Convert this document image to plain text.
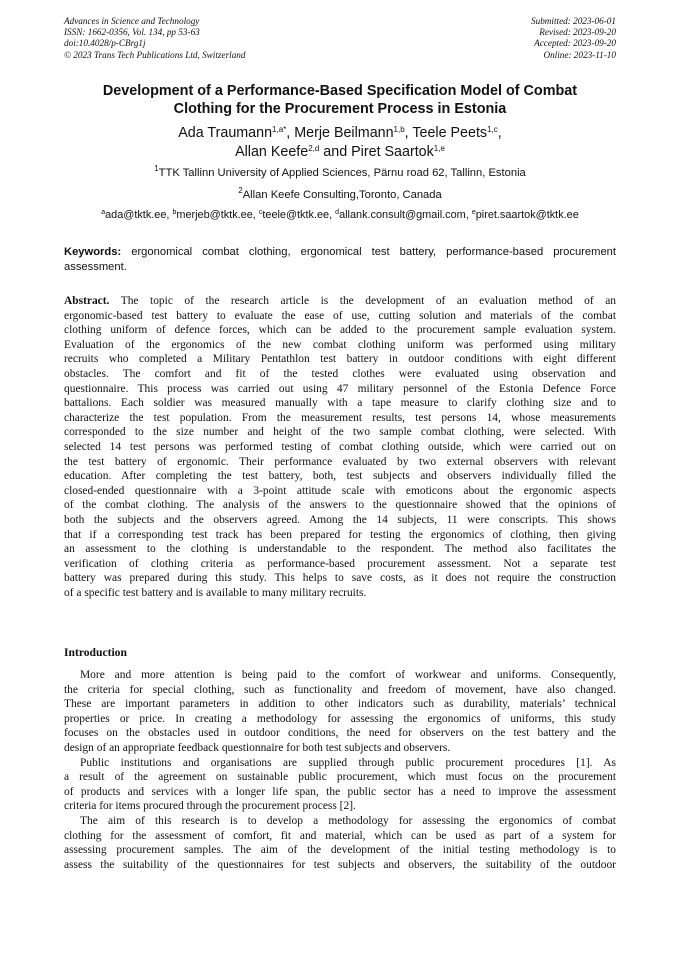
Advances in Science and Technology
ISSN: 1662-0356, Vol. 134, pp 53-63
doi:10.4028/p-CBrg1j
© 2023 Trans Tech Publications Ltd, Switzerland
Submitted: 2023-06-01
Revised: 2023-09-20
Accepted: 2023-09-20
Online: 2023-11-10
Development of a Performance-Based Specification Model of Combat
Clothing for the Procurement Process in Estonia
Ada Traumann$^{1,a*}$, Merje Beilmann$^{1,b}$, Teele Peets$^{1,c}$,
Allan Keefe$^{2,d}$ and Piret Saartok$^{1,e}$
$^1$TTK Tallinn University of Applied Sciences, Pärnu road 62, Tallinn, Estonia
$^2$Allan Keefe Consulting,Toronto, Canada
$^a$ada@tktk.ee, $^b$merjeb@tktk.ee, $^c$teele@tktk.ee, $^d$allank.consult@gmail.com, $^e$piret.saartok@tktk.ee
Keywords: ergonomical combat clothing, ergonomical test battery, performance-based procurement assessment.
Abstract. The topic of the research article is the development of an evaluation method of an
ergonomic-based test battery to evaluate the ease of use, cutting solution and materials of the combat
clothing uniform of defence forces, which can be added to the procurement sample evaluation system.
Evaluation of the ergonomics of the new combat clothing uniform was performed using military
recruits who completed a Military Pentathlon test battery in outdoor conditions with eight different
obstacles. The comfort and fit of the tested clothes were evaluated using observation and
questionnaire. This process was carried out using 47 military personnel of the Estonia Defence Force
battalions. Each soldier was measured manually with a tape measure to clarify clothing size and to
characterize the test population. From the measurement results, test persons 14, whose measurements
corresponded to the size number and height of the two sample combat clothing, were selected. With
selected 14 test persons was performed testing of combat clothing outside, which were carried out on
the test battery of ergonomic. Their performance evaluated by two external observers with relevant
education. After completing the test battery, both, test subjects and observers individually filled the
closed-ended questionnaire with a 3-point attitude scale with emoticons about the ergonomic aspects
of the combat clothing. The analysis of the answers to the questionnaire showed that the opinions of
both the subjects and the observers agreed. Among the 14 subjects, 11 were conscripts. This shows
that if a corresponding test track has been prepared for testing the ergonomics of clothing, then giving
an assessment to the clothing is understandable to the respondent. The method also facilitates the
verification of clothing criteria as performance-based procurement assessment. Not a separate test
battery was prepared during this study. This helps to save costs, as it does not require the construction
of a specific test battery and is available to many military recruits.
Introduction
More and more attention is being paid to the comfort of workwear and uniforms. Consequently,
the criteria for special clothing, such as functionality and freedom of movement, have also changed.
These are important parameters in addition to other indicators such as durability, materials’ technical
properties or price. In creating a methodology for assessing the ergonomics of uniforms, this study
focuses on the obstacles used in outdoor conditions, the need for observers on the test battery and the
design of an appropriate feedback questionnaire for both test subjects and observers.
Public institutions and organisations are supplied through public procurement procedures [1]. As
a result of the agreement on sustainable public procurement, which must focus on the procurement
of products and services with a longer life span, the public sector has a need to improve the assessment
criteria for items procured through the procurement process [2].
The aim of this research is to develop a methodology for assessing the ergonomics of combat
clothing for the assessment of comfort, fit and material, which can be used as part of a system for
assessing procurement samples. The aim of the development of the initial testing methodology is to
assess the suitability of the questionnaires for test subjects and observers, the suitability of the outdoor
